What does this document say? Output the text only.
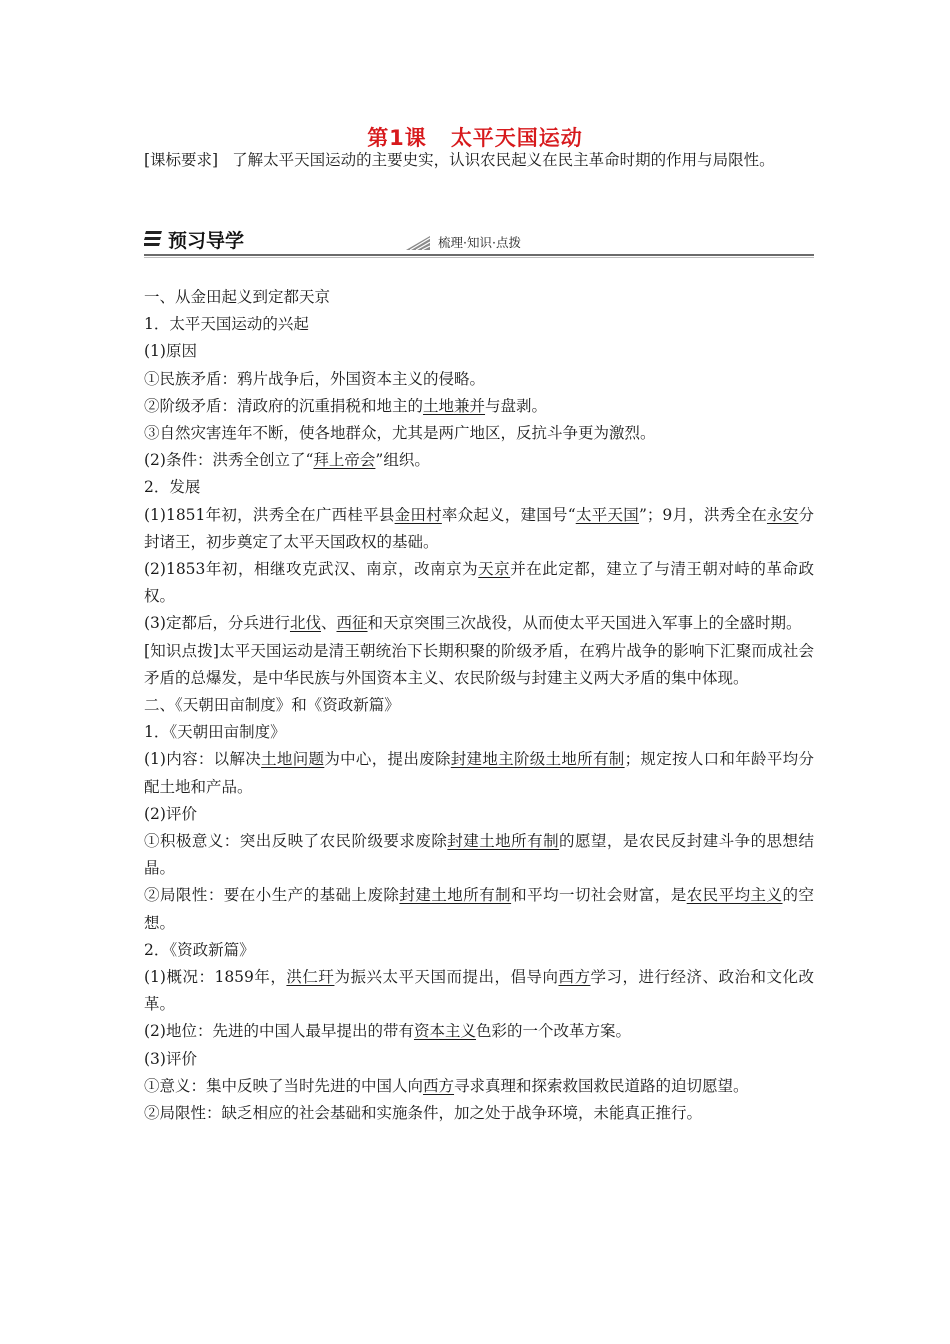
第1课 太平天国运动
[课标要求] 了解太平天国运动的主要史实，认识农民起义在民主革命时期的作用与局限性。
预习导学	梳理·知识·点拨

一、从金田起义到定都天京

1．太平天国运动的兴起

(1)原因

①民族矛盾：鸦片战争后，外国资本主义的侵略。

②阶级矛盾：清政府的沉重捐税和地主的土地兼并与盘剥。

③自然灾害连年不断，使各地群众，尤其是两广地区，反抗斗争更为激烈。

(2)条件：洪秀全创立了“拜上帝会”组织。

2．发展

(1)1851年初，洪秀全在广西桂平县金田村率众起义，建国号“太平天国”；9月，洪秀全在永安分封诸王，初步奠定了太平天国政权的基础。

(2)1853年初，相继攻克武汉、南京，改南京为天京并在此定都，建立了与清王朝对峙的革命政权。

(3)定都后，分兵进行北伐、西征和天京突围三次战役，从而使太平天国进入军事上的全盛时期。

[知识点拨]太平天国运动是清王朝统治下长期积聚的阶级矛盾，在鸦片战争的影响下汇聚而成社会矛盾的总爆发，是中华民族与外国资本主义、农民阶级与封建主义两大矛盾的集中体现。

二、《天朝田亩制度》和《资政新篇》

1．《天朝田亩制度》

(1)内容：以解决土地问题为中心，提出废除封建地主阶级土地所有制；规定按人口和年龄平均分配土地和产品。

(2)评价

①积极意义：突出反映了农民阶级要求废除封建土地所有制的愿望，是农民反封建斗争的思想结晶。

②局限性：要在小生产的基础上废除封建土地所有制和平均一切社会财富，是农民平均主义的空想。

2．《资政新篇》

(1)概况：1859年，洪仁玕为振兴太平天国而提出，倡导向西方学习，进行经济、政治和文化改革。

(2)地位：先进的中国人最早提出的带有资本主义色彩的一个改革方案。

(3)评价

①意义：集中反映了当时先进的中国人向西方寻求真理和探索救国救民道路的迫切愿望。

②局限性：缺乏相应的社会基础和实施条件，加之处于战争环境，未能真正推行。
